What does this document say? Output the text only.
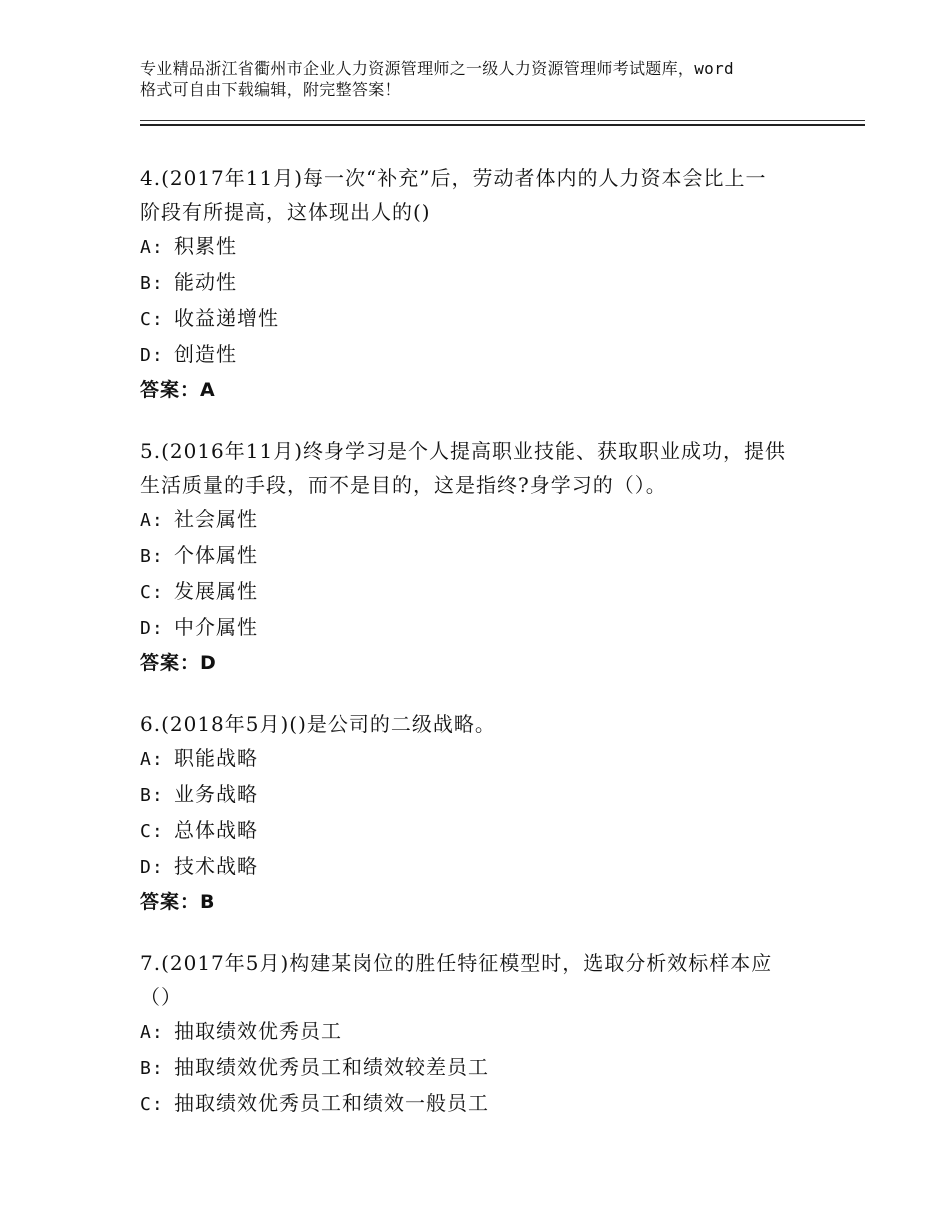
专业精品浙江省衢州市企业人力资源管理师之一级人力资源管理师考试题库，word
格式可自由下载编辑，附完整答案！
4.(2017年11月)每一次“补充”后，劳动者体内的人力资本会比上一
阶段有所提高，这体现出人的()
A: 积累性
B: 能动性
C: 收益递增性
D: 创造性
答案：A
5.(2016年11月)终身学习是个人提高职业技能、获取职业成功，提供
生活质量的手段，而不是目的，这是指终?身学习的（）。
A: 社会属性
B: 个体属性
C: 发展属性
D: 中介属性
答案：D
6.(2018年5月)()是公司的二级战略。
A: 职能战略
B: 业务战略
C: 总体战略
D: 技术战略
答案：B
7.(2017年5月)构建某岗位的胜任特征模型时，选取分析效标样本应
（）
A: 抽取绩效优秀员工
B: 抽取绩效优秀员工和绩效较差员工
C: 抽取绩效优秀员工和绩效一般员工
